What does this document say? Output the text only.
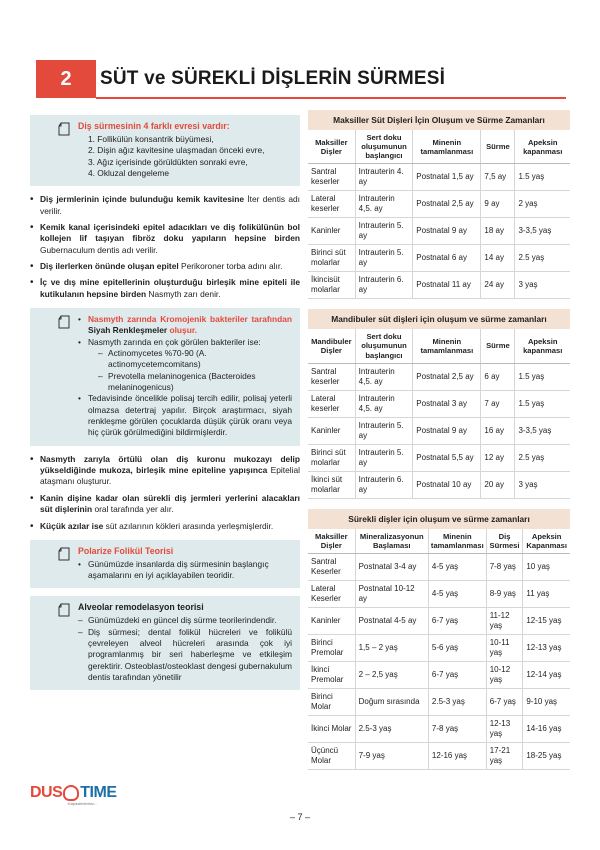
2	SÜT ve SÜREKLİ DİŞLERİN SÜRMESİ
Diş sürmesinin 4 farklı evresi vardır:
1. Follikülün konsantrik büyümesi,
2. Dişin ağız kavitesine ulaşmadan önceki evre,
3. Ağız içerisinde görüldükten sonraki evre,
4. Okluzal dengeleme
• Diş jermlerinin içinde bulunduğu kemik kavitesine İter dentis adı verilir.
• Kemik kanal içerisindeki epitel adacıkları ve diş folikülünün bol kollejen lif taşıyan fibröz doku yapıların hepsine birden Gubernaculum dentis adı verilir.
• Diş ilerlerken önünde oluşan epitel Perikoroner torba adını alır.
• İç ve dış mine epitellerinin oluşturduğu birleşik mine epiteli ile kutikulanın hepsine birden Nasmyth zarı denir.
• Nasmyth zarında Kromojenik bakteriler tarafından Siyah Renkleşmeler oluşur.
• Nasmyth zarında en çok görülen bakteriler ise:
– Actinomycetes %70-90 (A. actinomycetemcomitans)
– Prevotella melaninogenica (Bacteroides melaninogenicus)
• Tedavisinde öncelikle polisaj tercih edilir, polisaj yeterli olmazsa detertraj yapılır. Birçok araştırmacı, siyah renkleşme görülen çocuklarda düşük çürük oranı veya hiç çürük görülmediğini bildirmişlerdir.
• Nasmyth zarıyla örtülü olan diş kuronu mukozayı delip yükseldiğinde mukoza, birleşik mine epiteline yapışınca Epitelial ataşmanı oluşturur.
• Kanin dişine kadar olan sürekli diş jermleri yerlerini alacakları süt dişlerinin oral tarafında yer alır.
• Küçük azılar ise süt azılarının kökleri arasında yerleşmişlerdir.
Polarize Folikül Teorisi
• Günümüzde insanlarda diş sürmesinin başlangıç aşamalarını en iyi açıklayabilen teoridir.
Alveolar remodelasyon teorisi
– Günümüzdeki en güncel diş sürme teorilerindendir.
– Diş sürmesi; dental folikül hücreleri ve folikülü çevreleyen alveol hücreleri arasında çok iyi programlanmış bir seri haberleşme ve etkileşim gerektirir. Osteoblast/osteoklast dengesi gubernakulum dentis tarafından yönetilir
Maksiller Süt Dişleri İçin Oluşum ve Sürme Zamanları
Maksiller Dişler	Sert doku oluşumunun başlangıcı	Minenin tamamlanması	Sürme	Apeksin kapanması
Santral keserler	Intrauterin 4. ay	Postnatal 1,5 ay	7,5 ay	1.5 yaş
Lateral keserler	Intrauterin 4,5. ay	Postnatal 2,5 ay	9 ay	2 yaş
Kaninler	Intrauterin 5. ay	Postnatal 9 ay	18 ay	3-3,5 yaş
Birinci süt molarlar	Intrauterin 5. ay	Postnatal 6 ay	14 ay	2.5 yaş
İkincisüt molarlar	Intrauterin 6. ay	Postnatal 11 ay	24 ay	3 yaş
Mandibuler süt dişleri için oluşum ve sürme zamanları
Mandibuler Dişler	Sert doku oluşumunun başlangıcı	Minenin tamamlanması	Sürme	Apeksin kapanması
Santral keserler	Intrauterin 4,5. ay	Postnatal 2,5 ay	6 ay	1.5 yaş
Lateral keserler	Intrauterin 4,5. ay	Postnatal 3 ay	7 ay	1.5 yaş
Kaninler	Intrauterin 5. ay	Postnatal 9 ay	16 ay	3-3,5 yaş
Birinci süt molarlar	Intrauterin 5. ay	Postnatal 5,5 ay	12 ay	2.5 yaş
İkinci süt molarlar	Intrauterin 6. ay	Postnatal 10 ay	20 ay	3 yaş
Sürekli dişler için oluşum ve sürme zamanları
Maksiller Dişler	Mineralizasyonun Başlaması	Minenin tamamlanması	Diş Sürmesi	Apeksin Kapanması
Santral Keserler	Postnatal 3-4 ay	4-5 yaş	7-8 yaş	10 yaş
Lateral Keserler	Postnatal 10-12 ay	4-5 yaş	8-9 yaş	11 yaş
Kaninler	Postnatal 4-5 ay	6-7 yaş	11-12 yaş	12-15 yaş
Birinci Premolar	1,5 – 2 yaş	5-6 yaş	10-11 yaş	12-13 yaş
İkinci Premolar	2 – 2,5 yaş	6-7 yaş	10-12 yaş	12-14 yaş
Birinci Molar	Doğum sırasında	2.5-3 yaş	6-7 yaş	9-10 yaş
İkinci Molar	2.5-3 yaş	7-8 yaş	12-13 yaş	14-16 yaş
Üçüncü Molar	7-9 yaş	12-16 yaş	17-21 yaş	18-25 yaş
DUS TIME
Kapasiteleriniz...
– 7 –
